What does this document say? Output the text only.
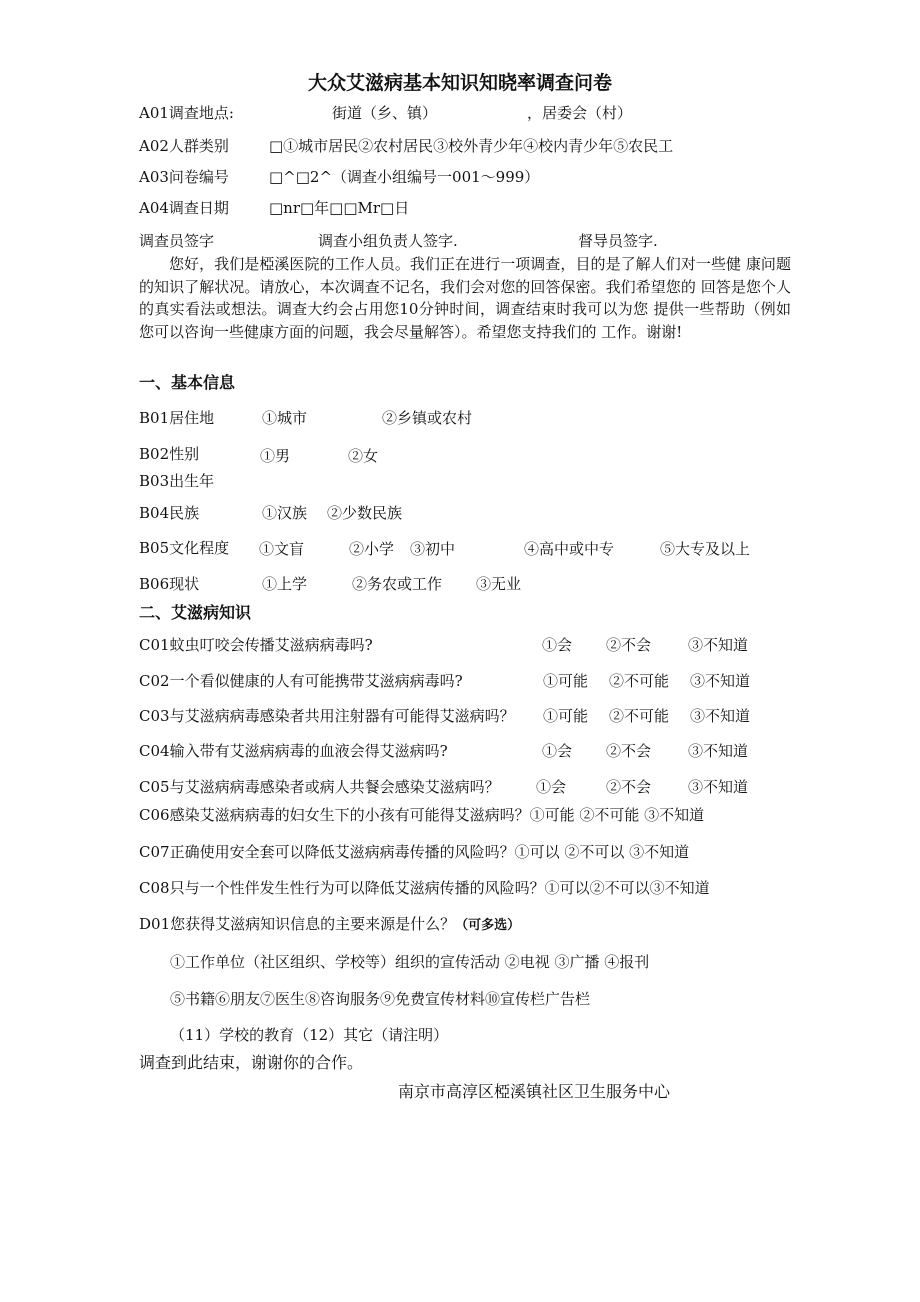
大众艾滋病基本知识知晓率调查问卷
A01调查地点:	街道（乡、镇）	，居委会（村）
A02人群类别	□①城市居民②农村居民③校外青少年④校内青少年⑤农民工
A03问卷编号	□^□2^（调查小组编号一001～999）
A04调查日期	□nr□年□□Mr□日
调查员签字	调查小组负责人签字.	督导员签字.
您好，我们是椏溪医院的工作人员。我们正在进行一项调查，目的是了解人们对一些健 康问题的知识了解状况。请放心，本次调查不记名，我们会对您的回答保密。我们希望您的 回答是您个人的真实看法或想法。调查大约会占用您10分钟时间，调查结束时我可以为您 提供一些帮助（例如您可以咨询一些健康方面的问题，我会尽量解答）。希望您支持我们的 工作。谢谢!
一、基本信息
B01居住地	①城市	②乡镇或农村
B02性别	①男	②女
B03出生年
B04民族	①汉族 ②少数民族
B05文化程度 ①文盲	②小学 ③初中	④高中或中专	⑤大专及以上
B06现状	①上学	②务农或工作 ③无业
二、艾滋病知识
C01蚊虫叮咬会传播艾滋病病毒吗?	①会 ②不会 ③不知道
C02一个看似健康的人有可能携带艾滋病病毒吗?	①可能 ②不可能 ③不知道
C03与艾滋病病毒感染者共用注射器有可能得艾滋病吗？ ①可能 ②不可能 ③不知道
C04输入带有艾滋病病毒的血液会得艾滋病吗?	①会 ②不会 ③不知道
C05与艾滋病病毒感染者或病人共餐会感染艾滋病吗？ ①会	②不会 ③不知道
C06感染艾滋病病毒的妇女生下的小孩有可能得艾滋病吗？①可能 ②不可能 ③不知道
C07正确使用安全套可以降低艾滋病病毒传播的风险吗？①可以 ②不可以 ③不知道
C08只与一个性伴发生性行为可以降低艾滋病传播的风险吗？①可以②不可以③不知道
D01您获得艾滋病知识信息的主要来源是什么？（可多选）
①工作单位（社区组织、学校等）组织的宣传活动 ②电视 ③广播 ④报刊
⑤书籍⑥朋友⑦医生⑧咨询服务⑨免费宣传材料⑩宣传栏广告栏
（11）学校的教育（12）其它（请注明）
调查到此结束，谢谢你的合作。
南京市高淳区椏溪镇社区卫生服务中心
